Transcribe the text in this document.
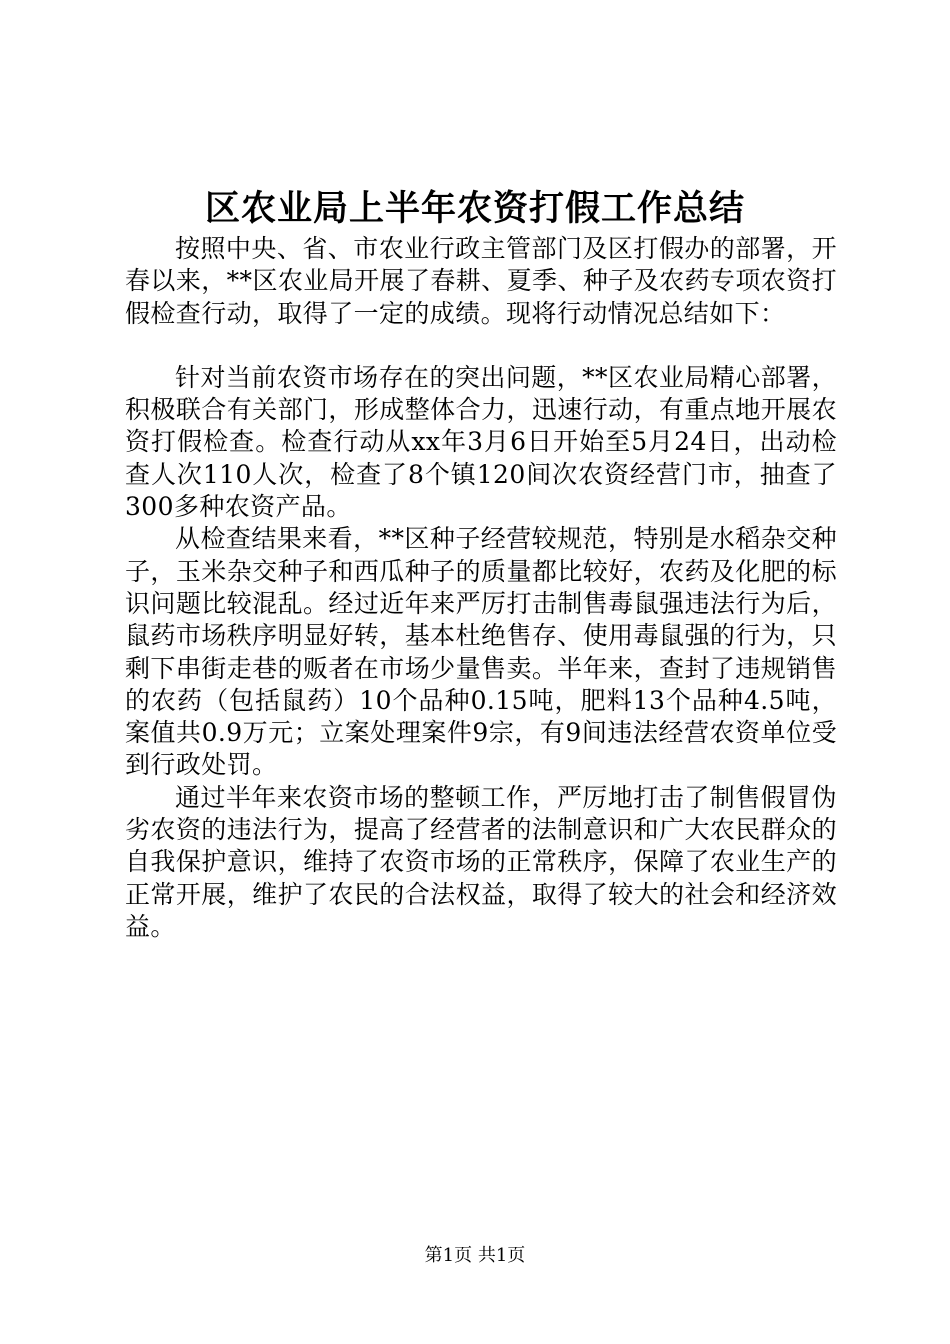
区农业局上半年农资打假工作总结

按照中央、省、市农业行政主管部门及区打假办的部署，开春以来，**区农业局开展了春耕、夏季、种子及农药专项农资打假检查行动，取得了一定的成绩。现将行动情况总结如下：

针对当前农资市场存在的突出问题，**区农业局精心部署，积极联合有关部门，形成整体合力，迅速行动，有重点地开展农资打假检查。检查行动从xx年3月6日开始至5月24日，出动检查人次110人次，检查了8个镇120间次农资经营门市，抽查了300多种农资产品。

从检查结果来看，**区种子经营较规范，特别是水稻杂交种子，玉米杂交种子和西瓜种子的质量都比较好，农药及化肥的标识问题比较混乱。经过近年来严厉打击制售毒鼠强违法行为后，鼠药市场秩序明显好转，基本杜绝售存、使用毒鼠强的行为，只剩下串街走巷的贩者在市场少量售卖。半年来，查封了违规销售的农药（包括鼠药）10个品种0.15吨，肥料13个品种4.5吨，案值共0.9万元；立案处理案件9宗，有9间违法经营农资单位受到行政处罚。

通过半年来农资市场的整顿工作，严厉地打击了制售假冒伪劣农资的违法行为，提高了经营者的法制意识和广大农民群众的自我保护意识，维持了农资市场的正常秩序，保障了农业生产的正常开展，维护了农民的合法权益，取得了较大的社会和经济效益。

第1页 共1页
